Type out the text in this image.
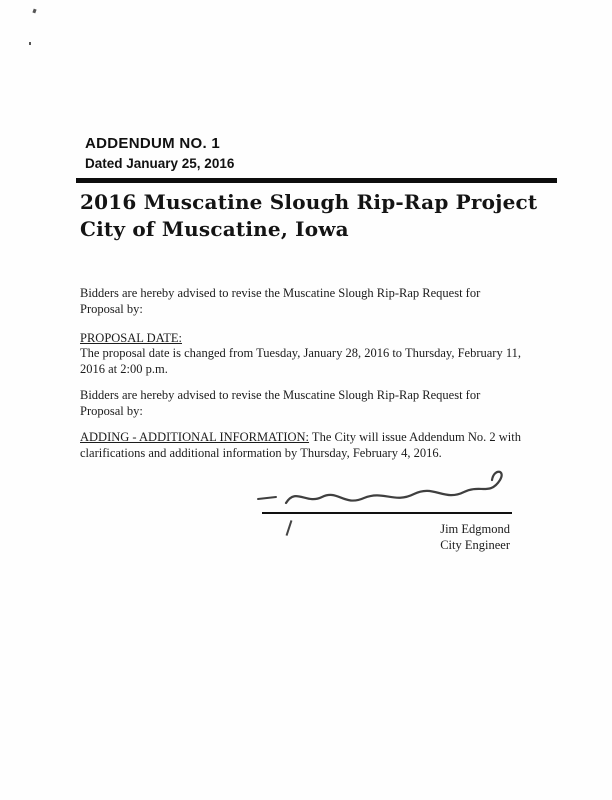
ADDENDUM NO. 1
Dated January 25, 2016
2016 Muscatine Slough Rip-Rap Project
City of Muscatine, Iowa

Bidders are hereby advised to revise the Muscatine Slough Rip-Rap Request for Proposal by:

PROPOSAL DATE:

The proposal date is changed from Tuesday, January 28, 2016 to Thursday, February 11, 2016 at 2:00 p.m.

Bidders are hereby advised to revise the Muscatine Slough Rip-Rap Request for Proposal by:

ADDING - ADDITIONAL INFORMATION: The City will issue Addendum No. 2 with clarifications and additional information by Thursday, February 4, 2016.

Jim Edgmond
City Engineer
